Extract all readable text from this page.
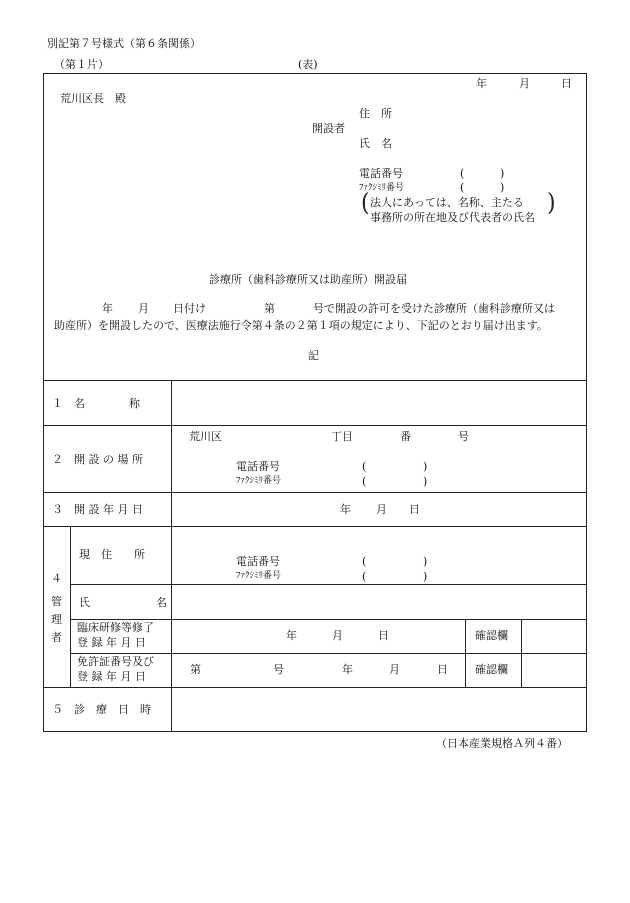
別記第７号様式（第６条関係）
（第１片）	(表)
年	月	日
荒川区長　殿
住　所
開設者
氏　名
電話番号	(	)
ﾌｧｸｼﾐﾘ番号	(	)
( 法人にあっては、名称、主たる
事務所の所在地及び代表者の氏名
)
診療所（歯科診療所又は助産所）開設届
年 月 日付け	第	号で開設の許可を受けた診療所（歯科診療所又は
助産所）を開設したので、医療法施行令第４条の２第１項の規定により、下記のとおり届け出ます。
記
１　名　　　　称
２　開 設 の 場 所
荒川区	丁目	番	号
電話番号	(	)
ﾌｧｸｼﾐﾘ番号	(	)
３　開 設 年 月 日	年 月 日
４
管
理
者
現　住　　所
電話番号	(	)
ﾌｧｸｼﾐﾘ番号	(	)
氏	名
臨床研修等修了
登 録 年 月 日
年	月	日	確認欄
免許証番号及び
登 録 年 月 日
第	号	年	月	日 確認欄
５　診　療　日　時
（日本産業規格Ａ列４番）
